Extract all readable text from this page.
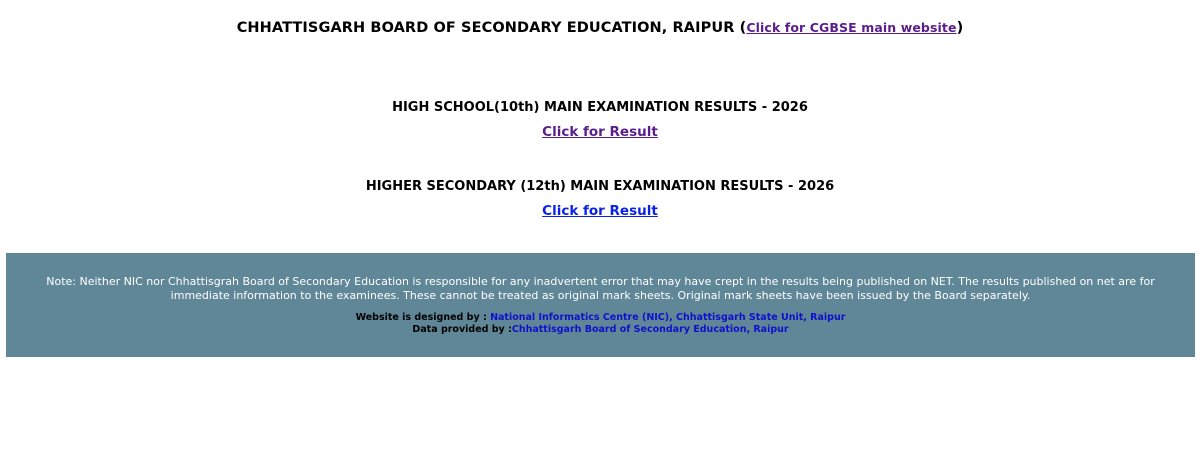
CHHATTISGARH BOARD OF SECONDARY EDUCATION, RAIPUR (Click for CGBSE main website)
HIGH SCHOOL(10th) MAIN EXAMINATION RESULTS - 2026
Click for Result
HIGHER SECONDARY (12th) MAIN EXAMINATION RESULTS - 2026
Click for Result
Note: Neither NIC nor Chhattisgrah Board of Secondary Education is responsible for any inadvertent error that may have crept in the results being published on NET. The results published on net are for immediate information to the examinees. These cannot be treated as original mark sheets. Original mark sheets have been issued by the Board separately.
Website is designed by : National Informatics Centre (NIC), Chhattisgarh State Unit, Raipur
Data provided by :Chhattisgarh Board of Secondary Education, Raipur
